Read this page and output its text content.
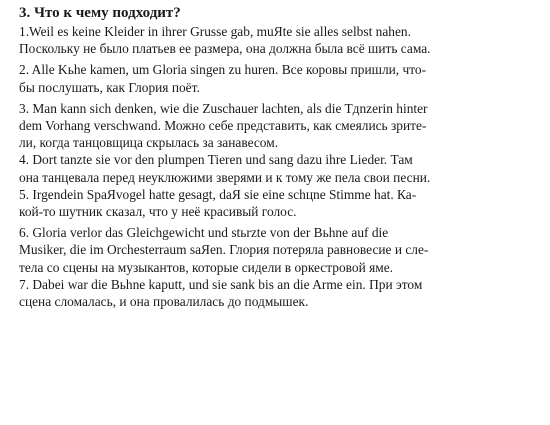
3. Что к чему подходит?
1.Weil es keine Kleider in ihrer Grusse gab, muЯte sie alles selbst nahen.
Поскольку не было платьев ее размера, она должна была всё шить сама.
2. Alle Kьhe kamen, um Gloria singen zu huren. Все коровы пришли, что-
бы послушать, как Глория поёт.
3. Man kann sich denken, wie die Zuschauer lachten, als die Tдnzerin hinter
dem Vorhang verschwand. Можно себе представить, как смеялись зрите-
ли, когда танцовщица скрылась за занавесом.
4. Dort tanzte sie vor den plumpen Tieren und sang dazu ihre Lieder. Там
она танцевала перед неуклюжими зверями и к тому же пела свои песни.
5. Irgendein SpaЯvogel hatte gesagt, daЯ sie eine schцne Stimme hat. Ка-
кой-то шутник сказал, что у неё красивый голос.
6. Gloria verlor das Gleichgewicht und stьrzte von der Bьhne auf die
Musiker, die im Orchesterraum saЯen. Глория потеряла равновесие и сле-
тела со сцены на музыкантов, которые сидели в оркестровой яме.
7. Dabei war die Bьhne kaputt, und sie sank bis an die Arme ein. При этом
сцена сломалась, и она провалилась до подмышек.
